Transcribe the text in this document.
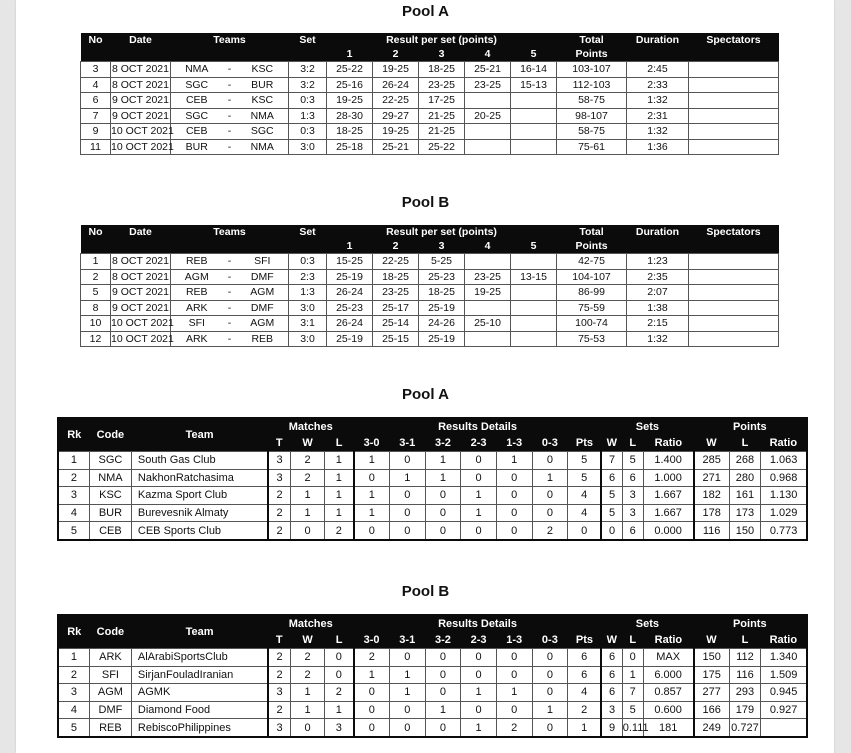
Pool A
No	Date	Teams			Set	Result per set (points)					Total	Duration	Spectators
						1	2	3	4	5	Points		
3	8 OCT 2021	NMA	-	KSC	3:2	25-22	19-25	18-25	25-21	16-14	103-107	2:45	
4	8 OCT 2021	SGC	-	BUR	3:2	25-16	26-24	23-25	23-25	15-13	112-103	2:33	
6	9 OCT 2021	CEB	-	KSC	0:3	19-25	22-25	17-25			58-75	1:32	
7	9 OCT 2021	SGC	-	NMA	1:3	28-30	29-27	21-25	20-25		98-107	2:31	
9	10 OCT 2021	CEB	-	SGC	0:3	18-25	19-25	21-25			58-75	1:32	
11	10 OCT 2021	BUR	-	NMA	3:0	25-18	25-21	25-22			75-61	1:36	
Pool B
No	Date	Teams			Set	Result per set (points)					Total	Duration	Spectators
						1	2	3	4	5	Points		
1	8 OCT 2021	REB	-	SFI	0:3	15-25	22-25	5-25			42-75	1:23	
2	8 OCT 2021	AGM	-	DMF	2:3	25-19	18-25	25-23	23-25	13-15	104-107	2:35	
5	9 OCT 2021	REB	-	AGM	1:3	26-24	23-25	18-25	19-25		86-99	2:07	
8	9 OCT 2021	ARK	-	DMF	3:0	25-23	25-17	25-19			75-59	1:38	
10	10 OCT 2021	SFI	-	AGM	3:1	26-24	25-14	24-26	25-10		100-74	2:15	
12	10 OCT 2021	ARK	-	REB	3:0	25-19	25-15	25-19			75-53	1:32	
Pool A
Rk	Code	Team	Matches			Results Details							Sets			Points		
			T	W	L	3-0	3-1	3-2	2-3	1-3	0-3	Pts	W	L	Ratio	W	L	Ratio
1	SGC	South Gas Club	3	2	1	1	0	1	0	1	0	5	7	5	1.400	285	268	1.063
2	NMA	NakhonRatchasima	3	2	1	0	1	1	0	0	1	5	6	6	1.000	271	280	0.968
3	KSC	Kazma Sport Club	2	1	1	1	0	0	1	0	0	4	5	3	1.667	182	161	1.130
4	BUR	Burevesnik Almaty	2	1	1	1	0	0	1	0	0	4	5	3	1.667	178	173	1.029
5	CEB	CEB Sports Club	2	0	2	0	0	0	0	0	2	0	0	6	0.000	116	150	0.773
Pool B
Rk	Code	Team	Matches			Results Details							Sets			Points		
			T	W	L	3-0	3-1	3-2	2-3	1-3	0-3	Pts	W	L	Ratio	W	L	Ratio
1	ARK	AlArabiSportsClub	2	2	0	2	0	0	0	0	0	6	6	0	MAX	150	112	1.340
2	SFI	SirjanFouladIranian	2	2	0	1	1	0	0	0	0	6	6	1	6.000	175	116	1.509
3	AGM	AGMK	3	1	2	0	1	0	1	1	0	4	6	7	0.857	277	293	0.945
4	DMF	Diamond Food	2	1	1	0	0	1	0	0	1	2	3	5	0.600	166	179	0.927
5	REB	RebiscoPhilippines	3	0	3	0	0	0	1	2	0	1	9	0.111	181	249	0.727	
